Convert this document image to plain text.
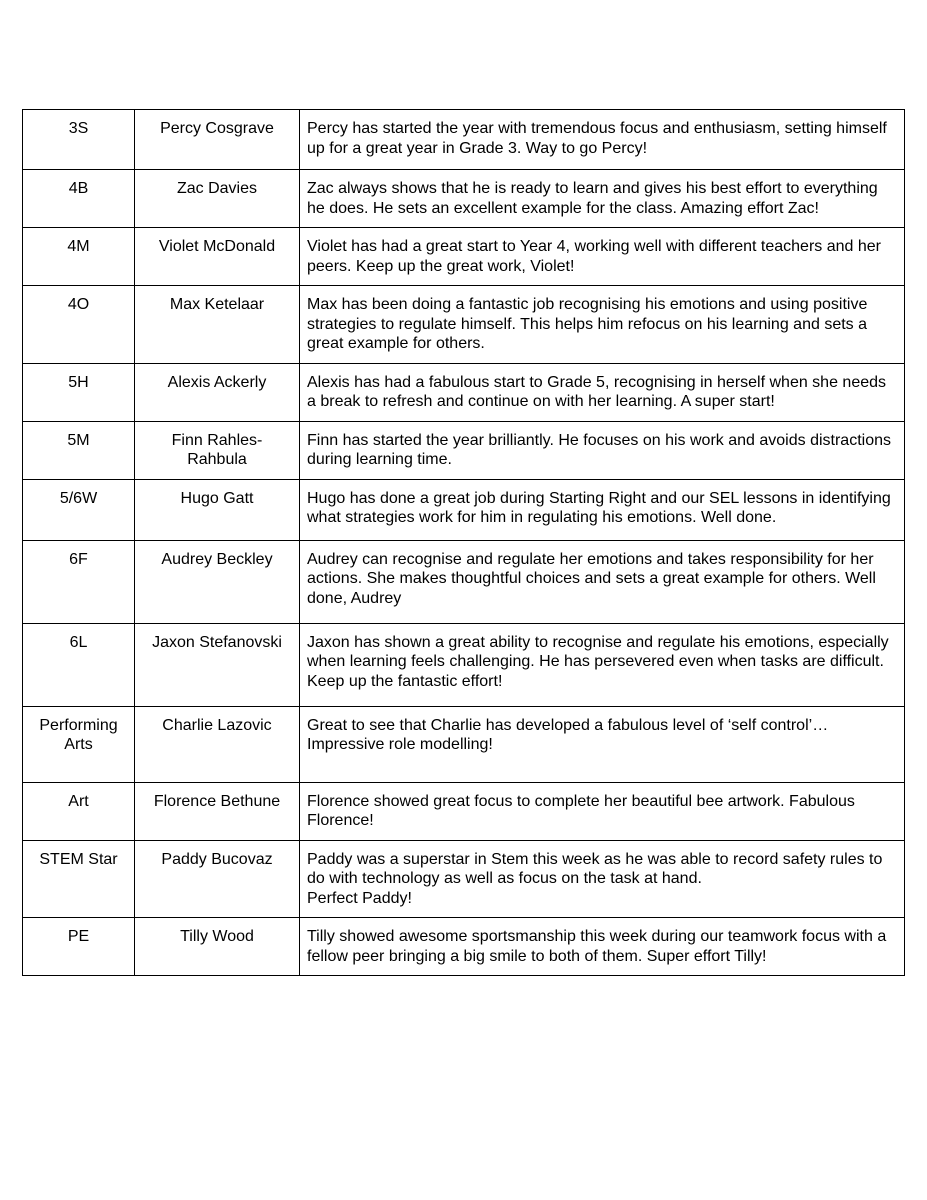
3S	Percy Cosgrave	Percy has started the year with tremendous focus and enthusiasm, setting himself up for a great year in Grade 3. Way to go Percy!
4B	Zac Davies	Zac always shows that he is ready to learn and gives his best effort to everything he does. He sets an excellent example for the class. Amazing effort Zac!
4M	Violet McDonald	Violet has had a great start to Year 4, working well with different teachers and her peers. Keep up the great work, Violet!
4O	Max Ketelaar	Max has been doing a fantastic job recognising his emotions and using positive strategies to regulate himself. This helps him refocus on his learning and sets a great example for others.
5H	Alexis Ackerly	Alexis has had a fabulous start to Grade 5, recognising in herself when she needs a break to refresh and continue on with her learning. A super start!
5M	Finn Rahles-Rahbula	Finn has started the year brilliantly. He focuses on his work and avoids distractions during learning time.
5/6W	Hugo Gatt	Hugo has done a great job during Starting Right and our SEL lessons in identifying what strategies work for him in regulating his emotions. Well done.
6F	Audrey Beckley	Audrey can recognise and regulate her emotions and takes responsibility for her actions. She makes thoughtful choices and sets a great example for others. Well done, Audrey
6L	Jaxon Stefanovski	Jaxon has shown a great ability to recognise and regulate his emotions, especially when learning feels challenging. He has persevered even when tasks are difficult. Keep up the fantastic effort!
Performing Arts	Charlie Lazovic	Great to see that Charlie has developed a fabulous level of ‘self control’… Impressive role modelling!
Art	Florence Bethune	Florence showed great focus to complete her beautiful bee artwork. Fabulous Florence!
STEM Star	Paddy Bucovaz	Paddy was a superstar in Stem this week as he was able to record safety rules to do with technology as well as focus on the task at hand.
Perfect Paddy!
PE	Tilly Wood	Tilly showed awesome sportsmanship this week during our teamwork focus with a fellow peer bringing a big smile to both of them. Super effort Tilly!
